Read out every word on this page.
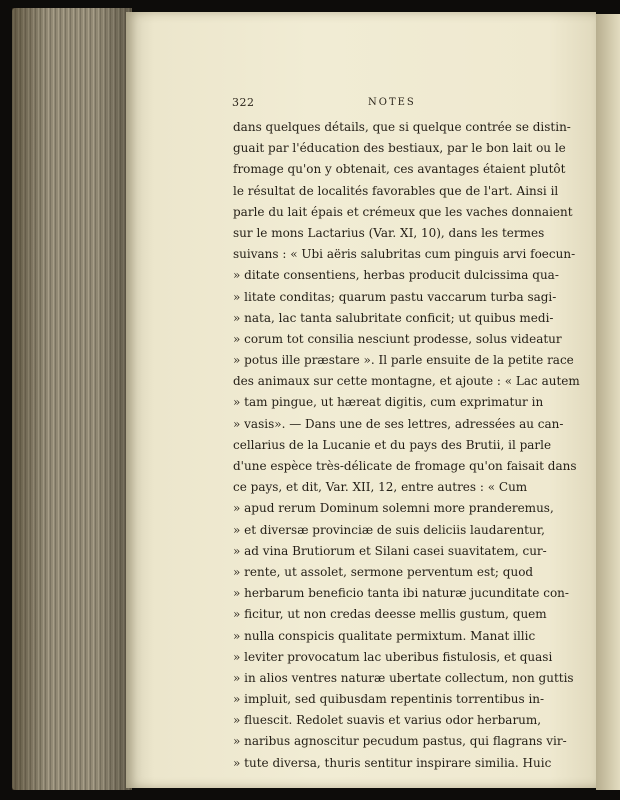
322	NOTES
dans quelques détails, que si quelque contrée se distin-
guait par l'éducation des bestiaux, par le bon lait ou le
fromage qu'on y obtenait, ces avantages étaient plutôt
le résultat de localités favorables que de l'art. Ainsi il
parle du lait épais et crémeux que les vaches donnaient
sur le mons Lactarius (Var. XI, 10), dans les termes
suivans : « Ubi aëris salubritas cum pinguis arvi foecun-
» ditate consentiens, herbas producit dulcissima qua-
» litate conditas; quarum pastu vaccarum turba sagi-
» nata, lac tanta salubritate conficit; ut quibus medi-
» corum tot consilia nesciunt prodesse, solus videatur
» potus ille præstare ». Il parle ensuite de la petite race
des animaux sur cette montagne, et ajoute : « Lac autem
» tam pingue, ut hæreat digitis, cum exprimatur in
» vasis». — Dans une de ses lettres, adressées au can-
cellarius de la Lucanie et du pays des Brutii, il parle
d'une espèce très-délicate de fromage qu'on faisait dans
ce pays, et dit, Var. XII, 12, entre autres : « Cum
» apud rerum Dominum solemni more pranderemus,
» et diversæ provinciæ de suis deliciis laudarentur,
» ad vina Brutiorum et Silani casei suavitatem, cur-
» rente, ut assolet, sermone perventum est; quod
» herbarum beneficio tanta ibi naturæ jucunditate con-
» ficitur, ut non credas deesse mellis gustum, quem
» nulla conspicis qualitate permixtum. Manat illic
» leviter provocatum lac uberibus fistulosis, et quasi
» in alios ventres naturæ ubertate collectum, non guttis
» impluit, sed quibusdam repentinis torrentibus in-
» fluescit. Redolet suavis et varius odor herbarum,
» naribus agnoscitur pecudum pastus, qui flagrans vir-
» tute diversa, thuris sentitur inspirare similia. Huic
